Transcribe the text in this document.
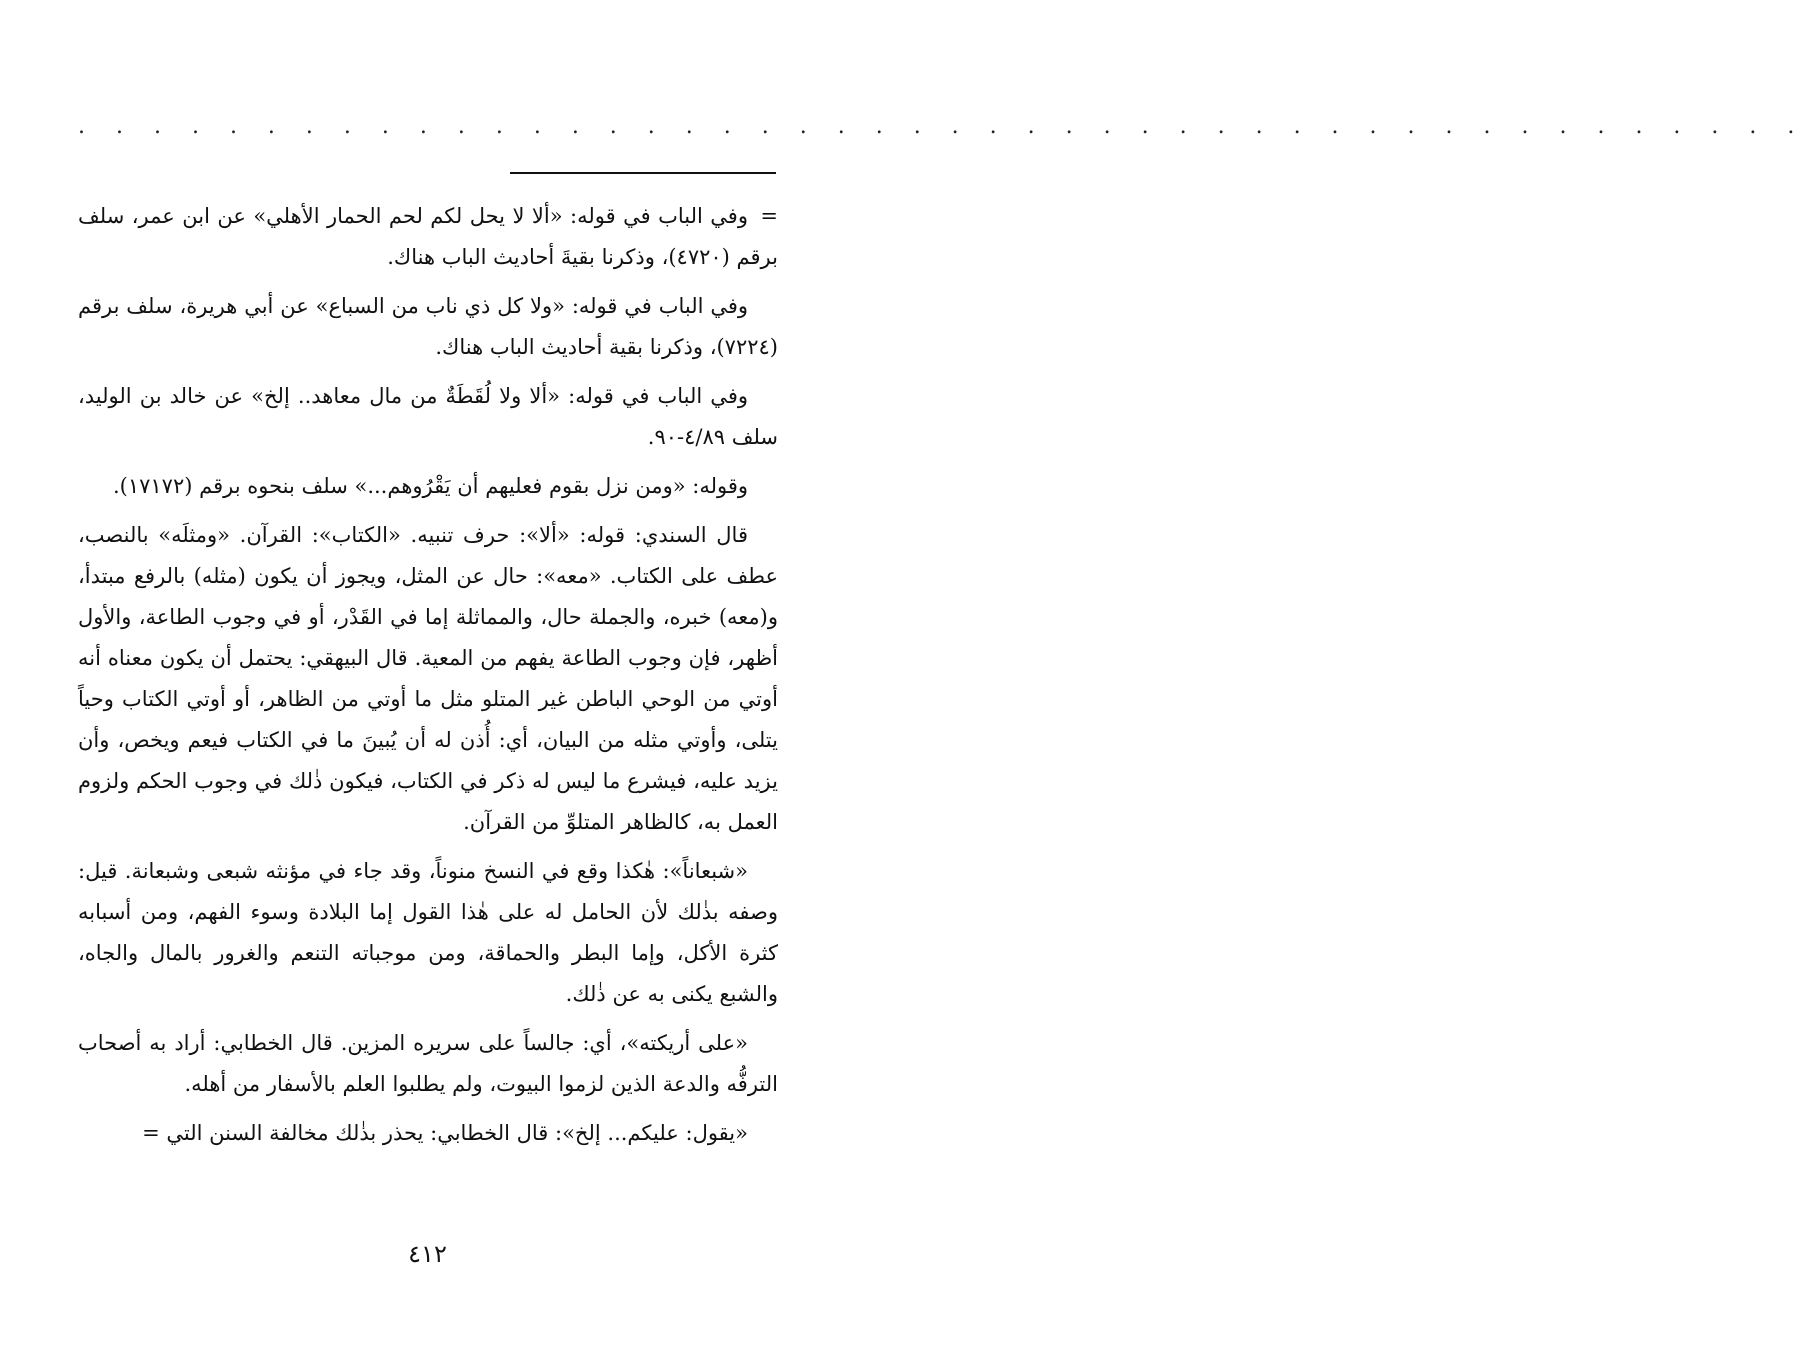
. . . . . . . . . . . . . . . . . . . . . . . . . . . . . . . . . . . . . . . . . . . . . .

=وفي الباب في قوله: «ألا لا يحل لكم لحم الحمار الأهلي» عن ابن عمر، سلف برقم (٤٧٢٠)، وذكرنا بقيةَ أحاديث الباب هناك.

وفي الباب في قوله: «ولا كل ذي ناب من السباع» عن أبي هريرة، سلف برقم (٧٢٢٤)، وذكرنا بقية أحاديث الباب هناك.

وفي الباب في قوله: «ألا ولا لُقَطَةٌ من مال معاهد.. إلخ» عن خالد بن الوليد، سلف ٤/٨٩-٩٠.

وقوله: «ومن نزل بقوم فعليهم أن يَقْرُوهم...» سلف بنحوه برقم (١٧١٧٢).

قال السندي: قوله: «ألا»: حرف تنبيه. «الكتاب»: القرآن. «ومثلَه» بالنصب، عطف على الكتاب. «معه»: حال عن المثل، ويجوز أن يكون (مثله) بالرفع مبتدأ، و(معه) خبره، والجملة حال، والمماثلة إما في القَدْر، أو في وجوب الطاعة، والأول أظهر، فإن وجوب الطاعة يفهم من المعية. قال البيهقي: يحتمل أن يكون معناه أنه أوتي من الوحي الباطن غير المتلو مثل ما أوتي من الظاهر، أو أوتي الكتاب وحياً يتلى، وأوتي مثله من البيان، أي: أُذن له أن يُبينَ ما في الكتاب فيعم ويخص، وأن يزيد عليه، فيشرع ما ليس له ذكر في الكتاب، فيكون ذٰلك في وجوب الحكم ولزوم العمل به، كالظاهر المتلوِّ من القرآن.

«شبعاناً»: هٰكذا وقع في النسخ منوناً، وقد جاء في مؤنثه شبعى وشبعانة. قيل: وصفه بذٰلك لأن الحامل له على هٰذا القول إما البلادة وسوء الفهم، ومن أسبابه كثرة الأكل، وإما البطر والحماقة، ومن موجباته التنعم والغرور بالمال والجاه، والشبع يكنى به عن ذٰلك.

«على أريكته»، أي: جالساً على سريره المزين. قال الخطابي: أراد به أصحاب الترفُّه والدعة الذين لزموا البيوت، ولم يطلبوا العلم بالأسفار من أهله.

«يقول: عليكم... إلخ»: قال الخطابي: يحذر بذٰلك مخالفة السنن التي =

٤١٢
